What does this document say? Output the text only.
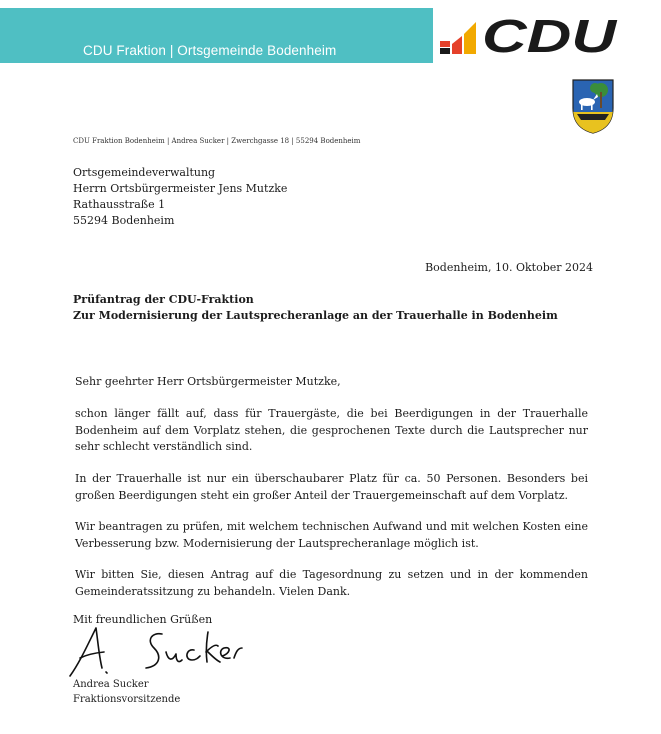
CDU Fraktion | Ortsgemeinde Bodenheim	CDU
CDU Fraktion Bodenheim | Andrea Sucker | Zwerchgasse 18 | 55294 Bodenheim
Ortsgemeindeverwaltung
Herrn Ortsbürgermeister Jens Mutzke
Rathausstraße 1
55294 Bodenheim
Bodenheim, 10. Oktober 2024
Prüfantrag der CDU-Fraktion
Zur Modernisierung der Lautsprecheranlage an der Trauerhalle in Bodenheim
Sehr geehrter Herr Ortsbürgermeister Mutzke,
schon länger fällt auf, dass für Trauergäste, die bei Beerdigungen in der Trauerhalle Bodenheim auf dem Vorplatz stehen, die gesprochenen Texte durch die Lautsprecher nur sehr schlecht verständlich sind.
In der Trauerhalle ist nur ein überschaubarer Platz für ca. 50 Personen. Besonders bei großen Beerdigungen steht ein großer Anteil der Trauergemeinschaft auf dem Vorplatz.
Wir beantragen zu prüfen, mit welchem technischen Aufwand und mit welchen Kosten eine Verbesserung bzw. Modernisierung der Lautsprecheranlage möglich ist.
Wir bitten Sie, diesen Antrag auf die Tagesordnung zu setzen und in der kommenden Gemeinderatssitzung zu behandeln. Vielen Dank.
Mit freundlichen Grüßen
Andrea Sucker
Fraktionsvorsitzende
